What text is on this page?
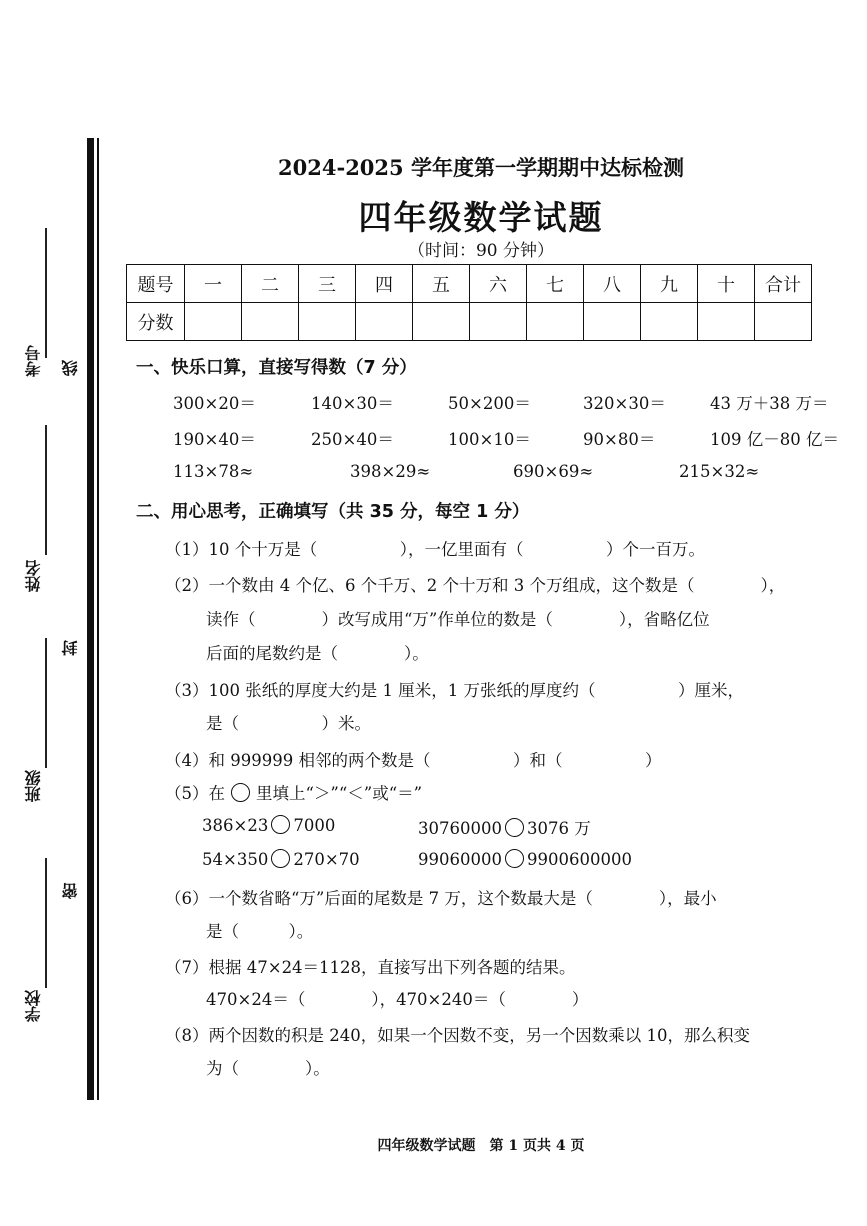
考号 线
姓名
封
班级
密
学校
2024-2025 学年度第一学期期中达标检测
四年级数学试题
（时间：90 分钟）
题号	一	二	三	四	五	六	七	八	九	十	合计
分数											
一、快乐口算，直接写得数（7 分）
300×20＝	140×30＝	50×200＝	320×30＝	43 万＋38 万＝
190×40＝	250×40＝	100×10＝	90×80＝	109 亿－80 亿＝
113×78≈	398×29≈	690×69≈	215×32≈
二、用心思考，正确填写（共 35 分，每空 1 分）
（1）10 个十万是（　　　　　），一亿里面有（　　　　　）个一百万。
（2）一个数由 4 个亿、6 个千万、2 个十万和 3 个万组成，这个数是（　　　　），
读作（　　　　）改写成用“万”作单位的数是（　　　　），省略亿位
后面的尾数约是（　　　　）。
（3）100 张纸的厚度大约是 1 厘米，1 万张纸的厚度约（　　　　　）厘米，
是（　　　　　）米。
（4）和 999999 相邻的两个数是（　　　　　）和（　　　　　）
（5）在 里填上“＞”“＜”或“＝”
386×23 7000	30760000 3076 万
54×350 270×70	99060000 9900600000
（6）一个数省略“万”后面的尾数是 7 万，这个数最大是（　　　　），最小
是（　　　）。
（7）根据 47×24＝1128，直接写出下列各题的结果。
470×24＝（　　　　），470×240＝（　　　　）
（8）两个因数的积是 240，如果一个因数不变，另一个因数乘以 10，那么积变
为（　　　　）。
四年级数学试题　第 1 页共 4 页
